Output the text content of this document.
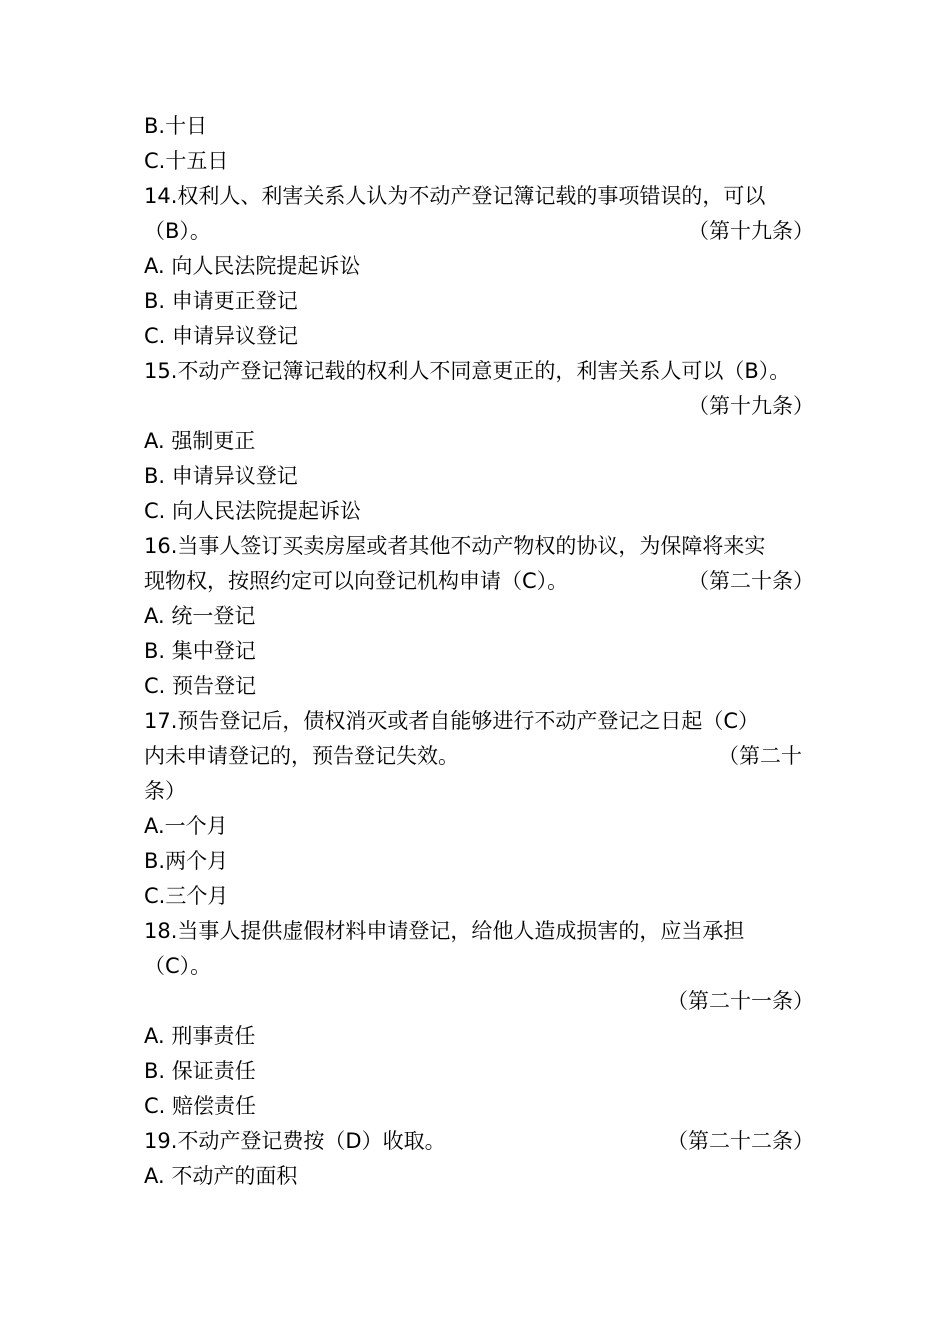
B.十日
C.十五日
14.权利人、利害关系人认为不动产登记簿记载的事项错误的，可以
（B）。	（第十九条）
A. 向人民法院提起诉讼
B. 申请更正登记
C. 申请异议登记
15.不动产登记簿记载的权利人不同意更正的，利害关系人可以（B）。
（第十九条）
A. 强制更正
B. 申请异议登记
C. 向人民法院提起诉讼
16.当事人签订买卖房屋或者其他不动产物权的协议，为保障将来实
现物权，按照约定可以向登记机构申请（C）。	（第二十条）
A. 统一登记
B. 集中登记
C. 预告登记
17.预告登记后，债权消灭或者自能够进行不动产登记之日起（C）
内未申请登记的，预告登记失效。	（第二十
条）
A.一个月
B.两个月
C.三个月
18.当事人提供虚假材料申请登记，给他人造成损害的，应当承担
（C）。
（第二十一条）
A. 刑事责任
B. 保证责任
C. 赔偿责任
19.不动产登记费按（D）收取。	（第二十二条）
A. 不动产的面积
